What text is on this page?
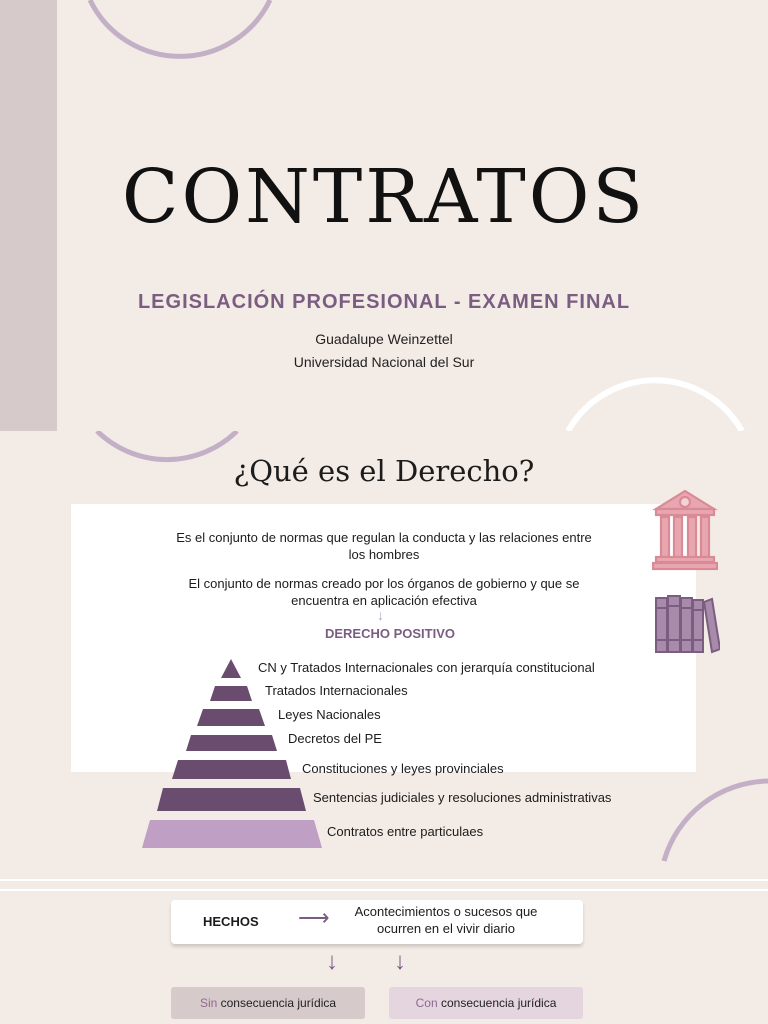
CONTRATOS
LEGISLACIÓN PROFESIONAL - EXAMEN FINAL
Guadalupe Weinzettel
Universidad Nacional del Sur
¿Qué es el Derecho?
Es el conjunto de normas que regulan la conducta y las relaciones entre los hombres
El conjunto de normas creado por los órganos de gobierno y que se encuentra en aplicación efectiva
↓
DERECHO POSITIVO
CN y Tratados Internacionales con jerarquía constitucional
Tratados Internacionales
Leyes Nacionales
Decretos del PE
Constituciones y leyes provinciales
Sentencias judiciales y resoluciones administrativas
Contratos entre particulaes
HECHOS ⟶	Acontecimientos o sucesos que ocurren en el vivir diario
↓ ↓
Sin consecuencia jurídica	Con consecuencia jurídica
